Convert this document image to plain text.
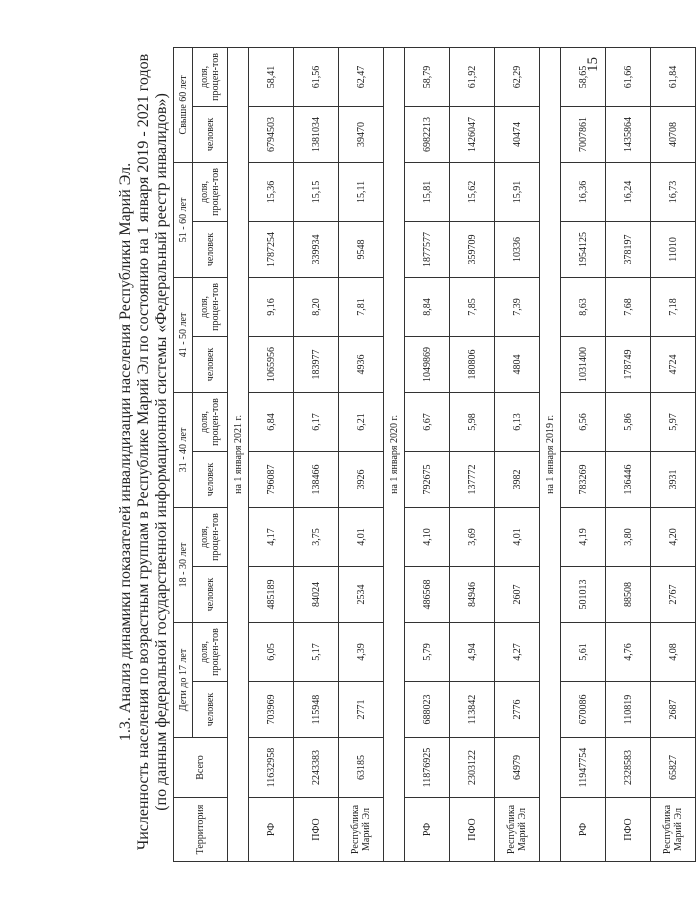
15
1.3. Анализ динамики показателей инвалидизации населения Республики Марий Эл. Численность населения по возрастным группам в Республике Марий Эл по состоянию на 1 января 2019 - 2021 годов (по данным федеральной государственной информационной системы «Федеральный реестр инвалидов»)
Территория	Всего	Дети до 17 лет		18 - 30 лет		31 - 40 лет		41 - 50 лет		51 - 60 лет		Свыше 60 лет	
		человек	доля, процен-тов	человек	доля, процен-тов	человек	доля, процен-тов	человек	доля, процен-тов	человек	доля, процен-тов	человек	доля, процен-тов
на 1 января 2021 г.													
РФ	11632958	703969	6,05	485189	4,17	796087	6,84	1065956	9,16	1787254	15,36	6794503	58,41
ПФО	2243383	115948	5,17	84024	3,75	138466	6,17	183977	8,20	339934	15,15	1381034	61,56
Республика Марий Эл	63185	2771	4,39	2534	4,01	3926	6,21	4936	7,81	9548	15,11	39470	62,47
на 1 января 2020 г.													
РФ	11876925	688023	5,79	486568	4,10	792675	6,67	1049869	8,84	1877577	15,81	6982213	58,79
ПФО	2303122	113842	4,94	84946	3,69	137772	5,98	180806	7,85	359709	15,62	1426047	61,92
Республика Марий Эл	64979	2776	4,27	2607	4,01	3982	6,13	4804	7,39	10336	15,91	40474	62,29
на 1 января 2019 г.													
РФ	11947754	670086	5,61	501013	4,19	783269	6,56	1031400	8,63	1954125	16,36	7007861	58,65
ПФО	2328583	110819	4,76	88508	3,80	136446	5,86	178749	7,68	378197	16,24	1435864	61,66
Республика Марий Эл	65827	2687	4,08	2767	4,20	3931	5,97	4724	7,18	11010	16,73	40708	61,84
